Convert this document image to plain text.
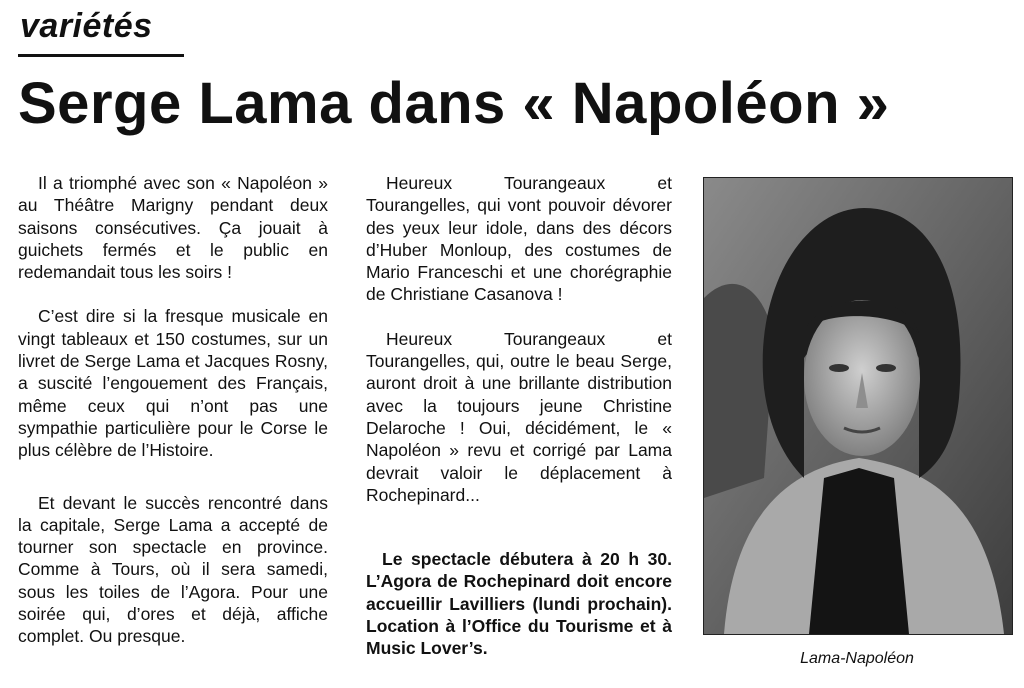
variétés
Serge Lama dans « Napoléon »

Il a triomphé avec son « Napoléon » au Théâtre Marigny pendant deux saisons consécutives. Ça jouait à guichets fermés et le public en redemandait tous les soirs !

C’est dire si la fresque musicale en vingt tableaux et 150 costumes, sur un livret de Serge Lama et Jacques Rosny, a suscité l’engouement des Français, même ceux qui n’ont pas une sympathie particulière pour le Corse le plus célèbre de l’Histoire.

Et devant le succès rencontré dans la capitale, Serge Lama a accepté de tourner son spectacle en province. Comme à Tours, où il sera samedi, sous les toiles de l’Agora. Pour une soirée qui, d’ores et déjà, affiche complet. Ou presque.

Heureux Tourangeaux et Tourangelles, qui vont pouvoir dévorer des yeux leur idole, dans des décors d’Huber Monloup, des costumes de Mario Franceschi et une chorégraphie de Christiane Casanova !

Heureux Tourangeaux et Tourangelles, qui, outre le beau Serge, auront droit à une brillante distribution avec la toujours jeune Christine Delaroche ! Oui, décidément, le « Napoléon » revu et corrigé par Lama devrait valoir le déplacement à Rochepinard...

Le spectacle débutera à 20 h 30. L’Agora de Rochepinard doit encore accueillir Lavilliers (lundi prochain). Location à l’Office du Tourisme et à Music Lover’s.

Lama-Napoléon
